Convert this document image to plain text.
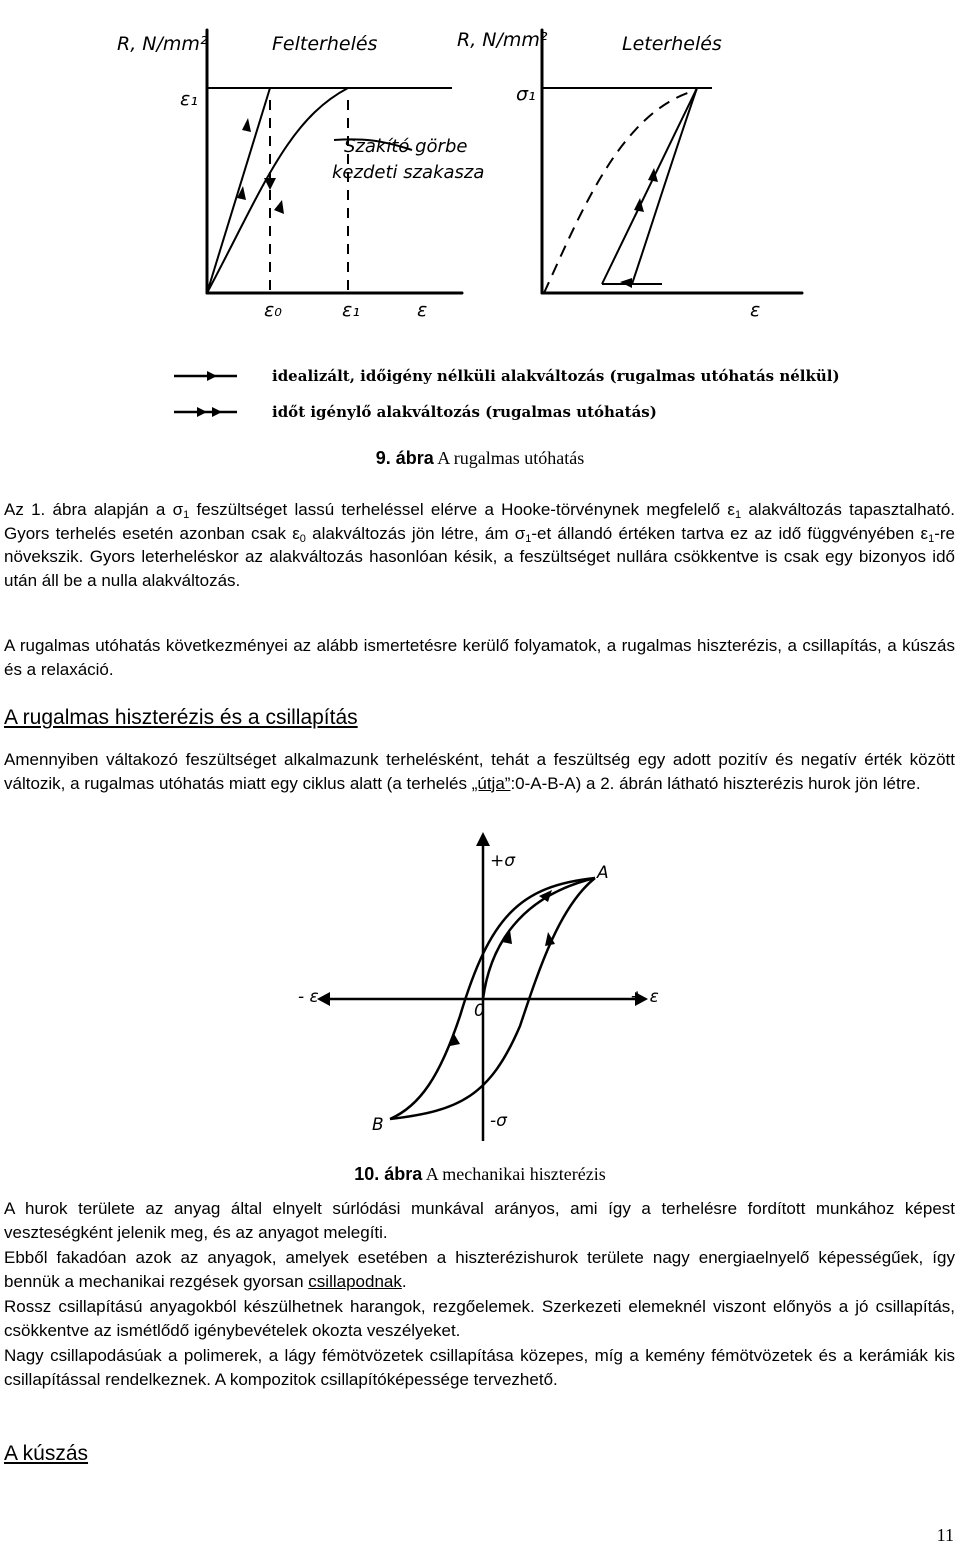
R, N/mm²	Felterhelés	R, N/mm²	Leterhelés
ε₁	σ₁
Szakító görbe
kezdeti szakasza
ε₀	ε₁	ε	ε
idealizált, időigény nélküli alakváltozás (rugalmas utóhatás nélkül)
időt igénylő alakváltozás (rugalmas utóhatás)
9. ábra A rugalmas utóhatás
Az 1. ábra alapján a $\sigma_1$ feszültséget lassú terheléssel elérve a Hooke-törvénynek megfelelő $\varepsilon_1$ alakváltozás tapasztalható. Gyors terhelés esetén azonban csak $\varepsilon_0$ alakváltozás jön létre, ám $\sigma_1-et$ állandó értéken tartva ez az idő függvényében $\varepsilon_1-re$ növekszik. Gyors leterheléskor az alakváltozás hasonlóan késik, a feszültséget nullára csökkentve is csak egy bizonyos idő után áll be a nulla alakváltozás.
A rugalmas utóhatás következményei az alább ismertetésre kerülő folyamatok, a rugalmas hiszterézis, a csillapítás, a kúszás és a relaxáció.
A rugalmas hiszterézis és a csillapítás
Amennyiben váltakozó feszültséget alkalmazunk terhelésként, tehát a feszültség egy adott pozitív és negatív érték között változik, a rugalmas utóhatás miatt egy ciklus alatt (a terhelés „útja”:0-A-B-A) a 2. ábrán látható hiszterézis hurok jön létre.
+σ
-σ
+ ε
- ε
0
A
B
10. ábra A mechanikai hiszterézis
A hurok területe az anyag által elnyelt súrlódási munkával arányos, ami így a terhelésre fordított munkához képest veszteségként jelenik meg, és az anyagot melegíti.
Ebből fakadóan azok az anyagok, amelyek esetében a hiszterézishurok területe nagy energiaelnyelő képességűek, így bennük a mechanikai rezgések gyorsan csillapodnak.
Rossz csillapítású anyagokból készülhetnek harangok, rezgőelemek. Szerkezeti elemeknél viszont előnyös a jó csillapítás, csökkentve az ismétlődő igénybevételek okozta veszélyeket.
Nagy csillapodásúak a polimerek, a lágy fémötvözetek csillapítása közepes, míg a kemény fémötvözetek és a kerámiák kis csillapítással rendelkeznek. A kompozitok csillapítóképessége tervezhető.
A kúszás
11
